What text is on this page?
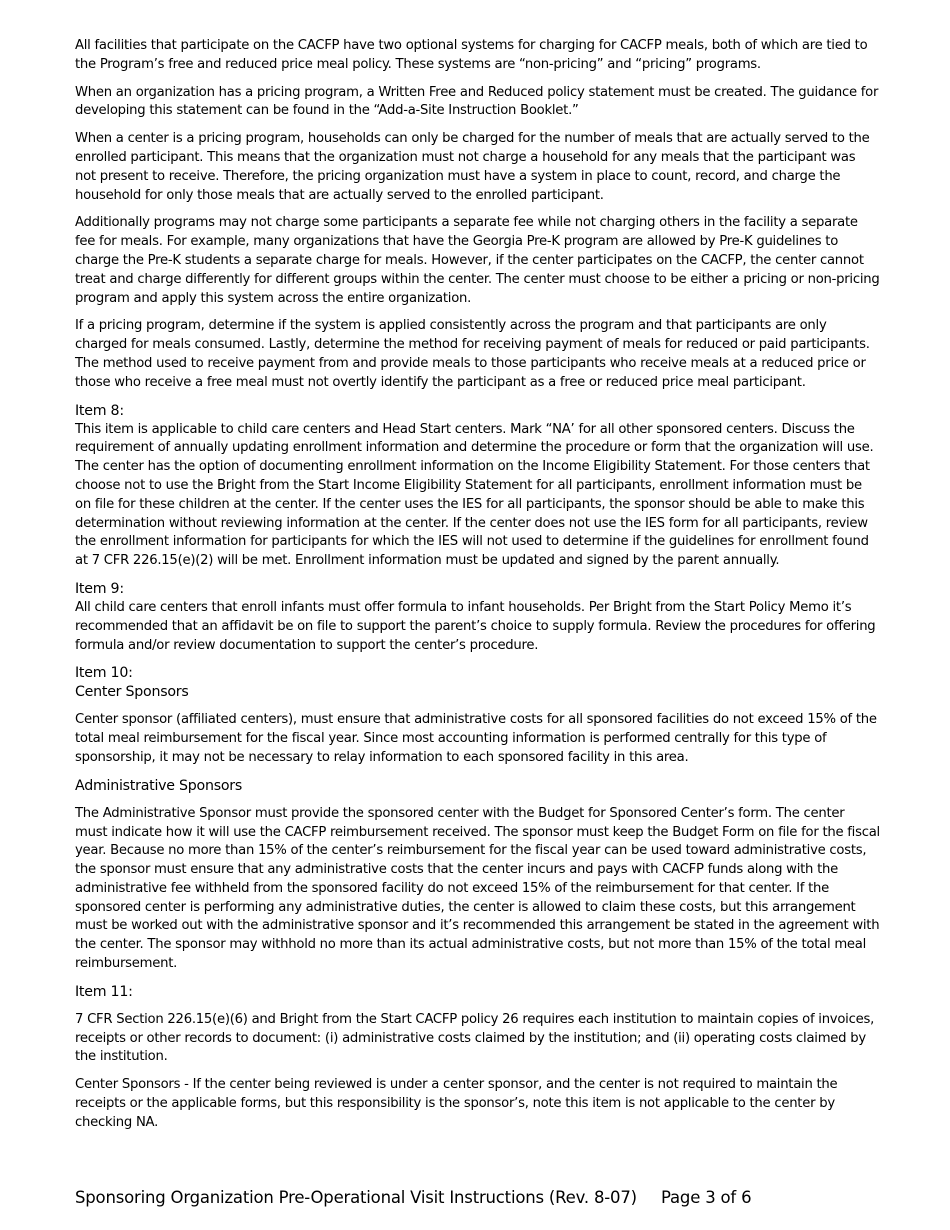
All facilities that participate on the CACFP have two optional systems for charging for CACFP meals, both of which are tied to the Program’s free and reduced price meal policy. These systems are “non-pricing” and “pricing” programs.

When an organization has a pricing program, a Written Free and Reduced policy statement must be created. The guidance for developing this statement can be found in the “Add-a-Site Instruction Booklet.”

When a center is a pricing program, households can only be charged for the number of meals that are actually served to the enrolled participant. This means that the organization must not charge a household for any meals that the participant was not present to receive. Therefore, the pricing organization must have a system in place to count, record, and charge the household for only those meals that are actually served to the enrolled participant.

Additionally programs may not charge some participants a separate fee while not charging others in the facility a separate fee for meals. For example, many organizations that have the Georgia Pre-K program are allowed by Pre-K guidelines to charge the Pre-K students a separate charge for meals. However, if the center participates on the CACFP, the center cannot treat and charge differently for different groups within the center. The center must choose to be either a pricing or non-pricing program and apply this system across the entire organization.

If a pricing program, determine if the system is applied consistently across the program and that participants are only charged for meals consumed. Lastly, determine the method for receiving payment of meals for reduced or paid participants. The method used to receive payment from and provide meals to those participants who receive meals at a reduced price or those who receive a free meal must not overtly identify the participant as a free or reduced price meal participant.

Item 8:

This item is applicable to child care centers and Head Start centers. Mark “NA’ for all other sponsored centers. Discuss the requirement of annually updating enrollment information and determine the procedure or form that the organization will use. The center has the option of documenting enrollment information on the Income Eligibility Statement. For those centers that choose not to use the Bright from the Start Income Eligibility Statement for all participants, enrollment information must be on file for these children at the center. If the center uses the IES for all participants, the sponsor should be able to make this determination without reviewing information at the center. If the center does not use the IES form for all participants, review the enrollment information for participants for which the IES will not used to determine if the guidelines for enrollment found at 7 CFR 226.15(e)(2) will be met. Enrollment information must be updated and signed by the parent annually.

Item 9:

All child care centers that enroll infants must offer formula to infant households. Per Bright from the Start Policy Memo it’s recommended that an affidavit be on file to support the parent’s choice to supply formula. Review the procedures for offering formula and/or review documentation to support the center’s procedure.

Item 10:
Center Sponsors

Center sponsor (affiliated centers), must ensure that administrative costs for all sponsored facilities do not exceed 15% of the total meal reimbursement for the fiscal year. Since most accounting information is performed centrally for this type of sponsorship, it may not be necessary to relay information to each sponsored facility in this area.

Administrative Sponsors

The Administrative Sponsor must provide the sponsored center with the Budget for Sponsored Center’s form. The center must indicate how it will use the CACFP reimbursement received. The sponsor must keep the Budget Form on file for the fiscal year. Because no more than 15% of the center’s reimbursement for the fiscal year can be used toward administrative costs, the sponsor must ensure that any administrative costs that the center incurs and pays with CACFP funds along with the administrative fee withheld from the sponsored facility do not exceed 15% of the reimbursement for that center. If the sponsored center is performing any administrative duties, the center is allowed to claim these costs, but this arrangement must be worked out with the administrative sponsor and it’s recommended this arrangement be stated in the agreement with the center. The sponsor may withhold no more than its actual administrative costs, but not more than 15% of the total meal reimbursement.

Item 11:

7 CFR Section 226.15(e)(6) and Bright from the Start CACFP policy 26 requires each institution to maintain copies of invoices, receipts or other records to document: (i) administrative costs claimed by the institution; and (ii) operating costs claimed by the institution.

Center Sponsors - If the center being reviewed is under a center sponsor, and the center is not required to maintain the receipts or the applicable forms, but this responsibility is the sponsor’s, note this item is not applicable to the center by checking NA.

Sponsoring Organization Pre-Operational Visit Instructions (Rev. 8-07) Page 3 of 6
